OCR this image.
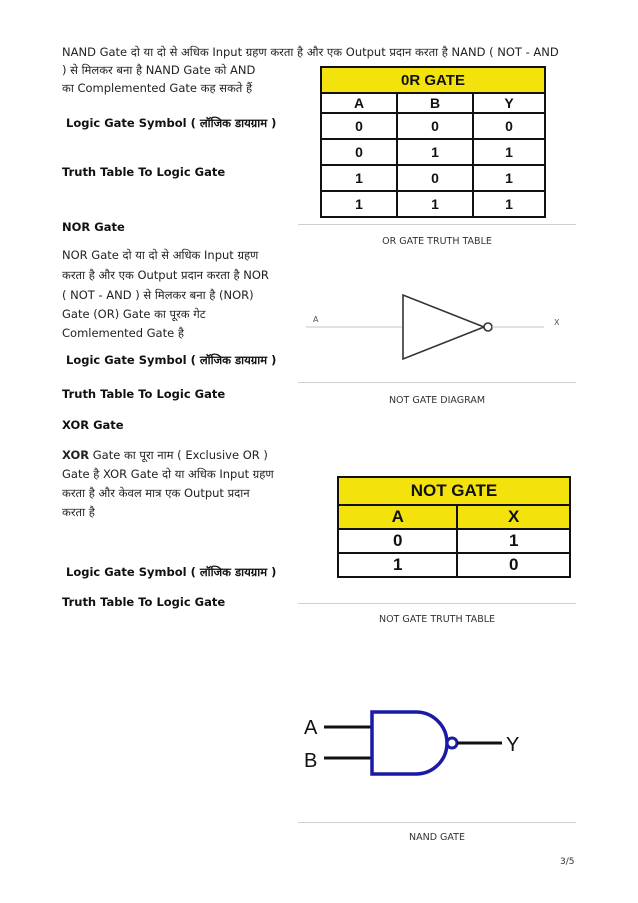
NAND Gate दो या दो से अधिक Input ग्रहण करता है और एक Output प्रदान करता है NAND ( NOT - AND
) से मिलकर बना है NAND Gate को AND
का Complemented Gate कह सकते हैं
Logic Gate Symbol ( लॉजिक डायग्राम )
Truth Table To Logic Gate
NOR Gate
NOR Gate दो या दो से अधिक Input ग्रहण
करता है और एक Output प्रदान करता है NOR
( NOT - AND ) से मिलकर बना है (NOR)
Gate (OR) Gate का पूरक गेट
Comlemented Gate है
Logic Gate Symbol ( लॉजिक डायग्राम )
Truth Table To Logic Gate
XOR Gate
XOR Gate का पूरा नाम ( Exclusive OR )
Gate है XOR Gate दो या अधिक Input ग्रहण
करता है और केवल मात्र एक Output प्रदान
करता है
Logic Gate Symbol ( लॉजिक डायग्राम )
Truth Table To Logic Gate
0R GATE		
A	B	Y
0	0	0
0	1	1
1	0	1
1	1	1
OR GATE TRUTH TABLE
A	X
NOT GATE DIAGRAM
NOT GATE	
A	X
0	1
1	0
NOT GATE TRUTH TABLE
A
B
Y
NAND GATE
3/5
